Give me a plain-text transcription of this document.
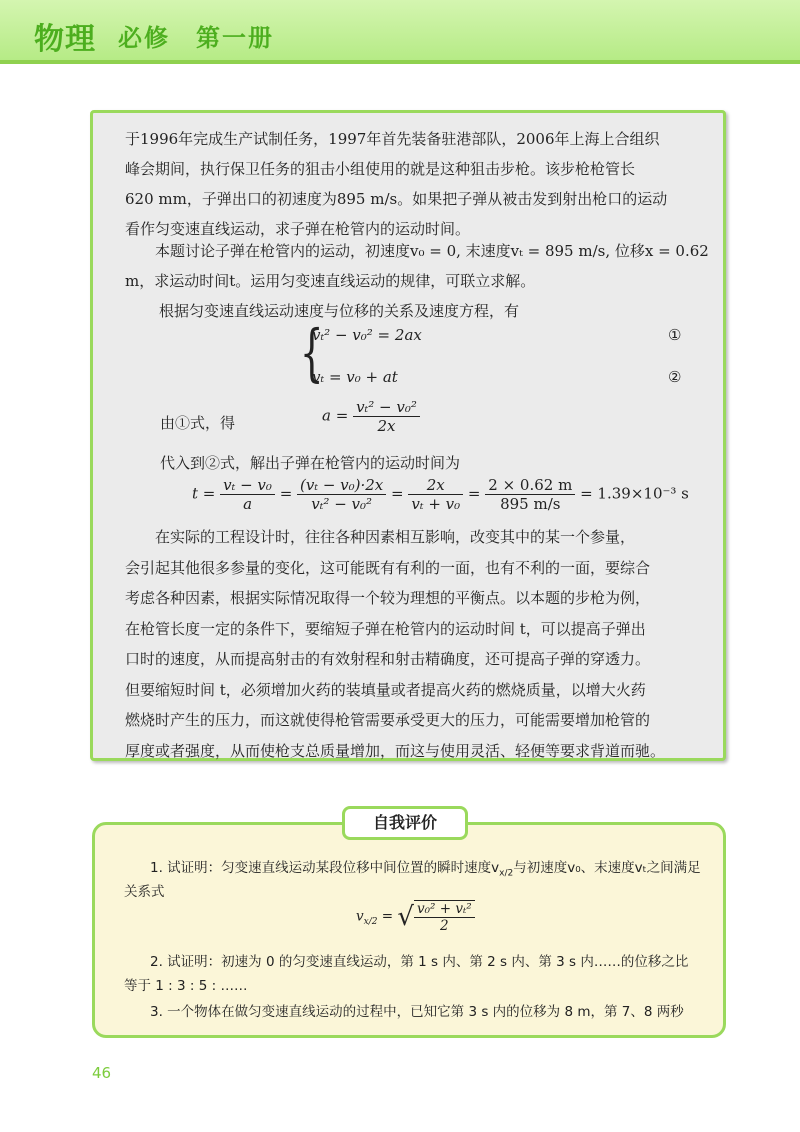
物理 必修　第一册
于1996年完成生产试制任务，1997年首先装备驻港部队，2006年上海上合组织
峰会期间，执行保卫任务的狙击小组使用的就是这种狙击步枪。该步枪枪管长
620 mm，子弹出口的初速度为895 m/s。如果把子弹从被击发到射出枪口的运动
看作匀变速直线运动，求子弹在枪管内的运动时间。
　　本题讨论子弹在枪管内的运动，初速度v₀ = 0, 末速度vₜ = 895 m/s, 位移x = 0.62
m，求运动时间t。运用匀变速直线运动的规律，可联立求解。
根据匀变速直线运动速度与位移的关系及速度方程，有
{
vₜ² − v₀² = 2ax	①
vₜ = v₀ + at	②
由①式，得	$a = \frac{\text{vₜ² − v₀²}}{2x}$
代入到②式，解出子弹在枪管内的运动时间为
$t = \frac{\text{vₜ − v₀}}{a} = \frac{\text{(vₜ − v₀)·2x}}{\text{vₜ² − v₀²}} = \frac{2x}{\text{vₜ + v₀}} = \frac{2 \times 0.62 m}{895 m/s} = 1.39\times 10^{-3}$ s
　　在实际的工程设计时，往往各种因素相互影响，改变其中的某一个参量，
会引起其他很多参量的变化，这可能既有有利的一面，也有不利的一面，要综合
考虑各种因素，根据实际情况取得一个较为理想的平衡点。以本题的步枪为例，
在枪管长度一定的条件下，要缩短子弹在枪管内的运动时间 t，可以提高子弹出
口时的速度，从而提高射击的有效射程和射击精确度，还可提高子弹的穿透力。
但要缩短时间 t，必须增加火药的装填量或者提高火药的燃烧质量，以增大火药
燃烧时产生的压力，而这就使得枪管需要承受更大的压力，可能需要增加枪管的
厚度或者强度，从而使枪支总质量增加，而这与使用灵活、轻便等要求背道而驰。
自我评价
1. 试证明：匀变速直线运动某段位移中间位置的瞬时速度$v_{x/2}$与初速度v₀、末速度vₜ之间满足
关系式
$v_{x/2}$ = √ $\frac{\text{v₀² + vₜ²}}{2}$
2. 试证明：初速为 0 的匀变速直线运动，第 1 s 内、第 2 s 内、第 3 s 内……的位移之比
等于 1 : 3 : 5 : ……
3. 一个物体在做匀变速直线运动的过程中，已知它第 3 s 内的位移为 8 m，第 7、8 两秒
46
